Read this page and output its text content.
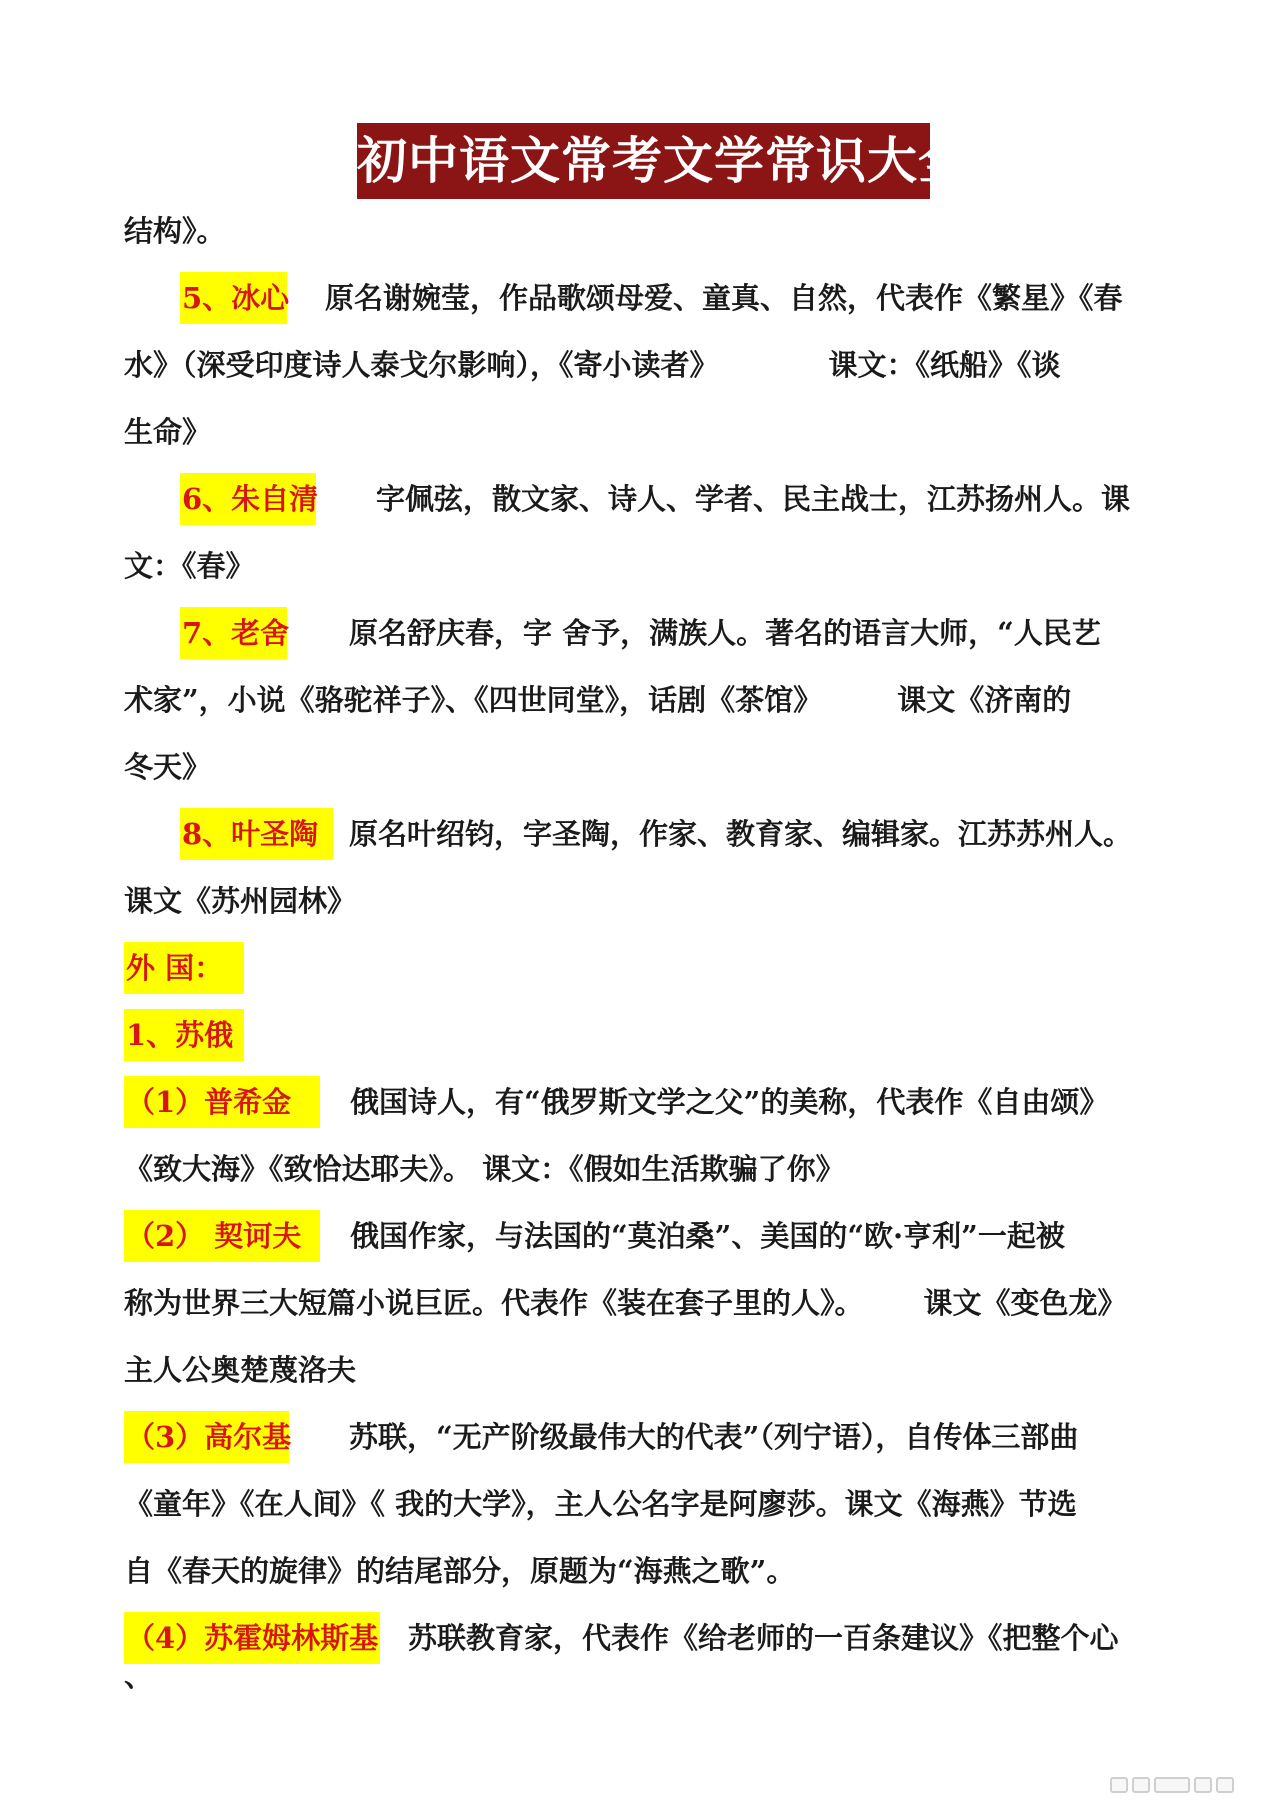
初中语文常考文学常识大全
结构》。
5、冰心 原名谢婉莹，作品歌颂母爱、童真、自然，代表作《繁星》《春
水》（深受印度诗人泰戈尔影响），《寄小读者》	课文：《纸船》《谈
生命》
6、朱自清 字佩弦，散文家、诗人、学者、民主战士，江苏扬州人。课
文：《春》
7、老舍 原名舒庆春，字 舍予，满族人。著名的语言大师，“人民艺
术家”，小说《骆驼祥子》、《四世同堂》，话剧《茶馆》	课文《济南的
冬天》
8、叶圣陶 原名叶绍钧，字圣陶，作家、教育家、编辑家。江苏苏州人。
课文《苏州园林》
外 国：
1、苏俄
（1）普希金 俄国诗人，有“俄罗斯文学之父”的美称，代表作《自由颂》
《致大海》《致恰达耶夫》。 课文：《假如生活欺骗了你》
（2） 契诃夫 俄国作家，与法国的“莫泊桑”、美国的“欧·亨利”一起被
称为世界三大短篇小说巨匠。代表作《装在套子里的人》。 课文《变色龙》
主人公奥楚蔑洛夫
（3）高尔基 苏联，“无产阶级最伟大的代表”（列宁语），自传体三部曲
《童年》《在人间》《 我的大学》，主人公名字是阿廖莎。课文《海燕》节选
自《春天的旋律》的结尾部分，原题为“海燕之歌”。
（4）苏霍姆林斯基 苏联教育家，代表作《给老师的一百条建议》《把整个心
、
